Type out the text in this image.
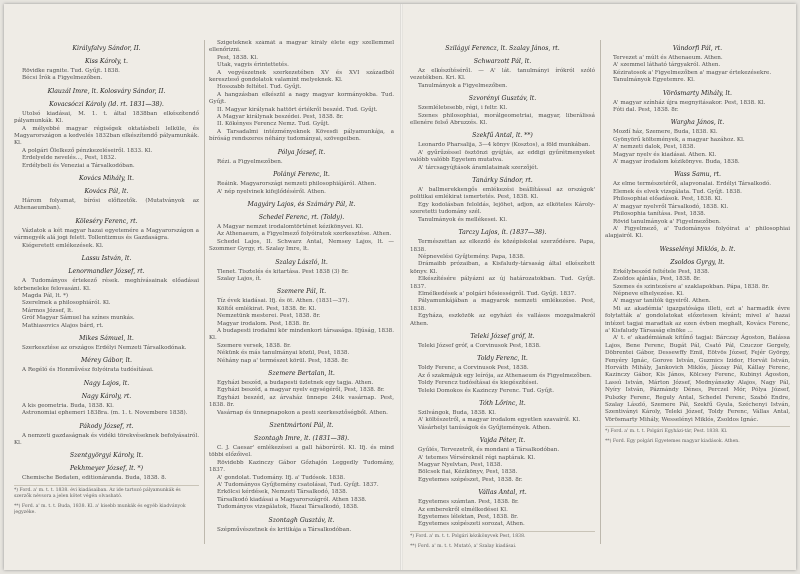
Királyfalvy Sándor, II.
Kiss Károly, t.

Rövidke ragnite. Tud. Gyűjt. 1838.

Bécsi Írók a Figyelmezőben.

Klauzál Imre, lt. Kolosváry Sándor, II.
Kovacsóczi Károly (ld. rt. 1831—38).

Utolsó kiadásai, M. 1. t. által 1838ban elkészítendő pályamunkák. Kl.

A mélyebbé magyar régiségek oktatásbeli lelküle, és Magyarországon a kedvelés 1832ban elkészítendő pályamunkák. Kl.

A polgári Ölelkező pénzkezeléseiről. 1833. Kl.

Erdelyelde nevelés..., Pest, 1832.

Erdélybeli és Veneziai a Társalkodóban.

Kovács Mihály, lt.
Kovács Pál, lt.

Három folyamat, bírósi előfizetők. (Mutatványok az Athenaeumban).

Köleséry Ferenc, rt.

Vázlatok a két magyar hazai egyetemére a Magyarországon a vármegyék alá jogi felett. Tollentizmus és Gazdaságra.

Kiégeretett emlékezések. Kl.

Lassu István, lt.
Lenormandler József, rt.

A Tudományos értekező rések. meghívásainak előadásai körbeneleke felovasáni. Kl.

Magda Pál, lt. *)

Szerelmek a philosophiáról. Kl.

Mármos József, lt.

Gróf Magyar Sámuel ha színes munkás.

Mathiasovics Alajos bárd, rt.

Mikes Sámuel, lt.

Szerkesztése az országos Erdélyi Nemzeti Társalkodónak.

Mérey Gábor, lt.

A Regéló és Honművész folyóirata tudósításai.

Nagy Lajos, lt.
Nagy Károly, rt.

A kis geometria. Buda, 1838. Kl.

Astronomiai ephemeri 1838ra. (m. 1. t. Novembere 1838).

Pákody József, rt.

A nemzeti gazdaságnak és vidéki törekvéseknek befolyásairól. Kl.

Szentgyörgyi Károly, lt.
Pekhmeyer József, lt. *)

Chemische Bedaten, editionáranda. Buda, 1838. 8.

*) Ford. a' m. t. t. 1838. évi kiadásaiban. Az ide tartozó pályamunkák és szerzők névsora a jelen kötet végén olvasható.

**) Ford. a' m. t. t. Buda, 1838. Kl. a' kisebb munkák és egyéb kiadványok jegyzéke.

Szigeteknek számát a magyar király élete egy szellemmel ellenőrizni.

Pest, 1838. Kl.

Utak, vagyis érintettetés.

A vegyészetnek szerkezetében XV és XVI századból kereszteső gondolatok valamint melyeknek. Kl.

Hosszabb feltétel. Tud. Gyűjt.

A hangzásban elkészül a nagy magyar kormányokba. Tud. Gyűjt.

II. Magyar királynak hattört értékről beszéd. Tud. Gyűjt.

A Magyar királynak beszédei. Pest, 1838. 8r.

II. Kökényes Ferencz Nemz. Tud. Gyűjt.

A Tarsadalmi intézményeknek Kövesdi pályamunkája, a bíróság rendszeres néhány tudományai, szövegeiben.

Pólya József, lt.

Rézi. a Figyelmezőben.

Polányi Ferenc, lt.

Reáink. Magyarországi nemzeti philosophiájáról. Athen.

A' nép nyelvinek kifejlődéséről. Athen.

Magyáry Lajos, és Számáry Pál, lt.
Schedel Ferenc, rt. (Toldy).

A Magyar nemzet irodalomtörténet kézikönyvei. Kl.

Az Athenaeum, a Figyelmező folyóiratok szerkesztése. Athen.

Schedel Lajos, II. Schwarz Antal, Nemsey Lajos, lt. — Szommer Gyrgy, rt. Szalay Imre, lt.

Szalay László, lt.

Tlenet. Tisztelés és kitartása. Pest 1838 (3) 8r.

Szalay Lajos, ít.

Szemere Pál, lt.

Tíz évek kiadásai. Ifj. és öt. Athen. (1831—37).

Költői emlékirat. Pest, 1838. 8r. Kl.

Nemzetünk mesterei. Pest, 1838. 8r.

Magyar irodalom. Pest, 1838. 8r.

A budapesti irodalmi kör mindenkori társasága. Ifjúság, 1838. Kl.

Szemere versek, 1838. 8r.

Nékünk és más tanulmányai közül, Pest, 1838.

Néhány nap a' természet körül. Pest, 1838. 8r.

Szemere Bertalan, lt.

Egyházi beszéd, a budapesti üzletnek egy tagja. Athen.

Egyházi beszéd, a magyar nyelv egységéről, Pest, 1838. 8r.

Egyházi beszéd, az árvaház ünnepe 24ik vasárnap. Pest, 1838. 8r.

Vasárnap és ünnepnapokon a pesti szerkesztőségből. Athen.

Szentmártoni Pál, lt.
Szontagh Imre, lt. (1831—38).

C. J. Caesar' emlékezései a gall háborúról. Kl. Ifj. és mind többi előzőivel.

Rövidebb Kazinczy Gábor Gőzhajón Leggedly Tudomány, 1837.

A' gondolat. Tudomány. Ifj. a' Tudósok. 1838.

A' Tudományos Gyűjtemény csatolásai, Tud. Gyűjt. 1837.

Erkölcsi kérdések, Nemzeti Társalkodó, 1838.

Társalkodó kiadásai a Magyarországról. Athen 1838.

Tudományos vizsgálatok, Hazai Társalkodó, 1838.

Szontagh Gusztáv, lt.

Szépművészetnek és kritikája a Társalkodóban.

Szilágyi Ferencz, lt. Szalay János, rt.
Schwarzott Pál, lt.

Az elkészítéséről. — A' lát. tanulmányi írókról szóló vezetékben. Kri. Kl.

Tanulmányok a Figyelmezőben.

Szvorényi Gusztáv, lt.

Szemléletesebb, régi, i feltr. Kl.

Szenes philosophiai, morálgeometriai, magyar, liberálissá ellenére felső Abruzzés. Kl.

Szekfű Antal, lt. **)

Leonardo Pharsalija, 3—4 könyv (Kosztos), a föld munkában.

A' gyűrűzéssel ösztönzi gyújtás, az eddigi gyűrétmenyeket valóbb valóbb Egyetem mutatva.

A' tárcsagyújtások áramlatainak szerzőjét.

Tanárky Sándor, rt.

A' ballmerekkengős emlékezési beállítással az országok' politikai emlékirat ismertetés. Pest, 1838. Kl.

Egy kodolásban feloldás, lejöhet, adjon, az elköteles Károly-szeretetti tudomány szél.

Tanulmányok és mellékesei. Kl.

Tarczy Lajos, ít. (1837—38).

Természettan az elkezdő és középiskolai szerződésre. Papa, 1838.

Népnevelési Gyűjtemény. Papa, 1838.

Drámaibb prózaiban, a Kisfaludy-társaság által elkészített könyv. Kl.

Elkészítésére pályázni az új határozatokban. Tud. Gyűjt. 1837.

Elmélkedések a' polgári hősiességről. Tud. Gyűjt. 1837.

Pályamunkájában a magyarok nemzeti emlékezése. Pest, 1838.

Egyháza, eszközök az egyházi és vallásos mozgalmakról Athen.

Teleki József gróf, lt.

Teleki József gróf, a Corvinusok Pest, 1838.

Toldy Ferenc, lt.

Toldy Ferenc, a Corvinusok Pest, 1838.

Az ő szakmájuk egy leírója, az Athenaeum és Figyelmezőben.

Toldy Ferencz tudósításai és kiegészítései.

Teleki Domokos és Kazinczy Ferenc. Tud. Gyűjt.

Tóth Lőrinc, lt.

Szilvángok, Buda, 1838. Kl.

A' költészetről, a magyar irodalom egyetlen szavairól. Kl.

Vásárhelyi tanúságok és Gyűjtemények. Athen.

Vajda Péter, lt.

Gyűlés, Tervezetről, és mondani a Társalkodóban.

A' tetemes Vérséreknél régi naptárak. Kl.

Magyar Nyelvtan, Pest, 1838.

Bölcsek fiai, Kézikönyv, Pest, 1838.

Egyetemes szépészet, Pest, 1838. 8r.

Vállas Antal, rt.

Egyetemes számtan. Pest, 1838. 8r.

Az emberekről elmélkedései Kl.

Egyetemes lélektan, Pest, 1838. 8r.

Egyetemes szépészeti sorozat, Athen.

*) Ford. a' m. t. t. Polgári kézikönyvek Pest, 1838.

**) Ford. a' m. t. t. Mutató, a' Szalay kiadásai.

Vándorfi Pál, rt.

Tervezet a' múlt és Athenaeum. Athen.

A' szemmel látható tárgyakról. Athen.

Kéziratosok a' Figyelmezőben a' magyar értekezésekre.

Tanulmányok Egyetemre. Kl.

Vörösmarty Mihály, lt.

A' magyar színház újra megnyitásakor. Pest, 1838. Kl.

Fóti dal. Pest, 1838. 8r.

Wargha János, lt.

Mozdí ház, Szemere, Buda, 1838. Kl.

Gyönyörű költemények, a magyar hazához. Kl.

A' nemzeti dalok, Pest, 1838.

Magyar nyelv és kiadásai. Athen. Kl.

A' magyar írodalom kézikönyve. Buda, 1838.

Wass Samu, rt.

Az elme természetéről, alapvonalai. Erdélyi Társalkodó.

Elemek és elvek vizsgálata. Tud. Gyűjt. 1838.

Philosophiai előadások. Pest, 1838. Kl.

A' magyar nyelvről Társalkodó, 1838. Kl.

Philosophia tanítása. Pest, 1838.

Rövid tanulmányok a' Figyelmezőben.

A' Figyelmező, a' Tudományos folyóirat a' philosophiai alapjairól. Kl.

Wesselényi Miklós, b. lt.
Zsoldos Gyrgy, lt.

Erkélybeszéd feltétele Pest, 1838.

Zsoldos ajánlás, Pest, 1838. 8r.

Szemes és szintezésre a' szaklapokban. Pápa, 1838. 8r.

Népneve elhelyezése. Kl.

A' magyar tanítók ügyeiről. Athen.

Mi az akadémia' igazgatósága illeti, ezt a' harmadik évre folytatták a' gondolatokat előzetesen kívánt; mivel a' hazai intézet tagjai maradtak az ezen évben meghalt, Kovács Ferenc, a' Kisfaludy Társaság elnöke ...

A' t. e' akadémiának kitűnő tagjai: Bárczay Ágoston, Balássa Lajos, Bene Ferenc, Bugát Pál, Csató Pál, Czuczor Gergely, Döbrentei Gábor, Dessewffy Emil, Eötvös József, Fejér György, Fenyéry Ignác, Gorove István, Guzmics Izidor, Horvát István, Horváth Mihály, Jankovich Miklós, Jászay Pál, Kállay Ferenc, Kazinczy Gábor, Kis János, Kölcsey Ferenc, Kubinyi Ágoston, Lassú István, Márton József, Mednyánszky Alajos, Nagy Pál, Nyíry István, Pázmándy Dénes, Perczel Mór, Pólya József, Pulszky Ferenc, Reguly Antal, Schedel Ferenc, Szabó Endre, Szalay László, Szemere Pál, Szekfű Gyula, Széchenyi István, Szentiványi Károly, Teleki József, Toldy Ferenc, Vállas Antal, Vörösmarty Mihály, Wesselényi Miklós, Zsoldos Ignác.

*) Ford. a' m. t. t. Polgári Egyházi-tár, Pest. 1838. Kl.

**) Ford. Egy polgári Egyetemes magyar kiadások. Athen.
